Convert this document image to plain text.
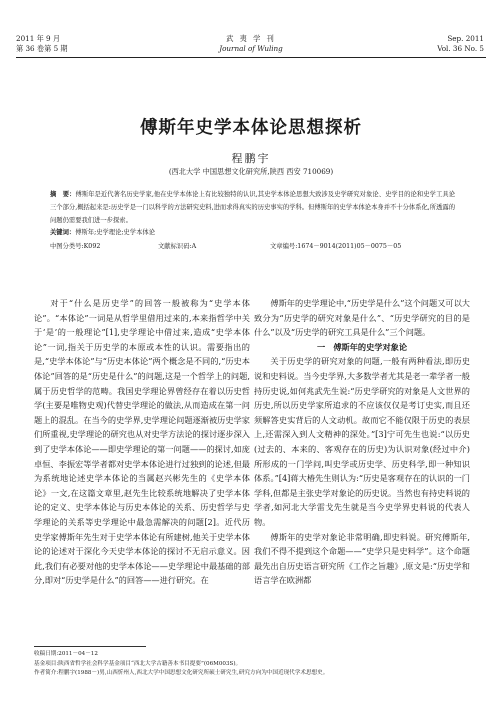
2011 年 9 月
第 36 卷第 5 期
武 夷 学 刊
Journal of Wuling
Sep. 2011
Vol. 36 No. 5
傅斯年史学本体论思想探析
程鹏宇
(西北大学 中国思想文化研究所,陕西 西安 710069)
摘　要：傅斯年是近代著名历史学家,他在史学本体论上有比较独特的认识,其史学本体论思想大致涉及史学研究对象论、史学目的论和史学工具论三个部分,概括起来是:历史学是一门以科学的方法研究史料,进而求得真实的历史事实的学科。但傅斯年的史学本体论本身并不十分体系化,所透露的问题仍需要我们进一步探索。
关键词：傅斯年;史学理论;史学本体论
中图分类号:K092	文献标识码:A	文章编号:1674－9014(2011)05－0075－05

对于“什么是历史学”的回答一般被称为“史学本体论”。“本体论”一词是从哲学里借用过来的,本来指哲学中关于‘是’的一般理论”[1],史学理论中借过来,造成“史学本体论”一词,指关于历史学的本原或本性的认识。需要指出的是,“史学本体论”与“历史本体论”两个概念是不同的,“历史本体论”回答的是“历史是什么”的问题,这是一个哲学上的问题,属于历史哲学的范畴。我国史学理论界曾经存在着以历史哲学(主要是唯物史观)代替史学理论的做法,从而造成在第一问题上的混乱。在当今的史学界,史学理论问题逐渐被历史学家们所重视,史学理论的研究也从对史学方法论的探讨逐步深入到了史学本体论——即史学理论的第一问题——的探讨,如庞卓恒、李振宏等学者都对史学本体论进行过独到的论述,但最为系统地论述史学本体论的当属赵兴彬先生的《史学本体论》一文,在这篇文章里,赵先生比较系统地解决了史学本体论的定义、史学本体论与历史本体论的关系、历史哲学与史学理论的关系等史学理论中最急需解决的问题[2]。近代历史学家傅斯年先生对于史学本体论有所建树,他关于史学本体论的论述对于深化今天史学本体论的探讨不无启示意义。因此,我们有必要对他的史学本体论——史学理论中最基础的部分,即对“历史学是什么”的回答——进行研究。在

傅斯年的史学理论中,“历史学是什么”这个问题又可以大致分为“历史学的研究对象是什么”、“历史学研究的目的是什么”以及“历史学的研究工具是什么”三个问题。

一　傅斯年的史学对象论

关于历史学的研究对象的问题,一般有两种看法,即历史说和史料说。当今史学界,大多数学者尤其是老一辈学者一般持历史说,如何兆武先生说:“历史学研究的对象是人文世界的历史,所以历史学家所追求的不应该仅仅是考订史实,而且还须解答史实背后的人文动机。故而它不能仅限于历史的表层上,还需深入到人文精神的深处。”[3]宁可先生也说:“以历史(过去的、本来的、客观存在的历史)为认识对象(经过中介)所形成的一门学问,叫史学或历史学、历史科学,即一种知识体系。”[4]蒋大椿先生则认为:“历史是客观存在的认识的一门学科,但都是主张史学对象论的历史说。当然也有持史料说的学者,如河北大学雷戈先生就是当今史学界史料说的代表人物。

傅斯年的史学对象论非常明确,即史料说。研究傅斯年,我们不得不提到这个命题——“史学只是史料学”。这个命题最先出自历史语言研究所《工作之旨趣》,原文是:“历史学和语言学在欧洲都

收稿日期:2011－04－12
基金项目:陕西省哲学社会科学基金项目“西北大学古籍善本书目提要”(06M003S)。
作者简介:程鹏宇(1988－)男,山西忻州人,西北大学中国思想文化研究所硕士研究生,研究方向为中国近现代学术思想史。
